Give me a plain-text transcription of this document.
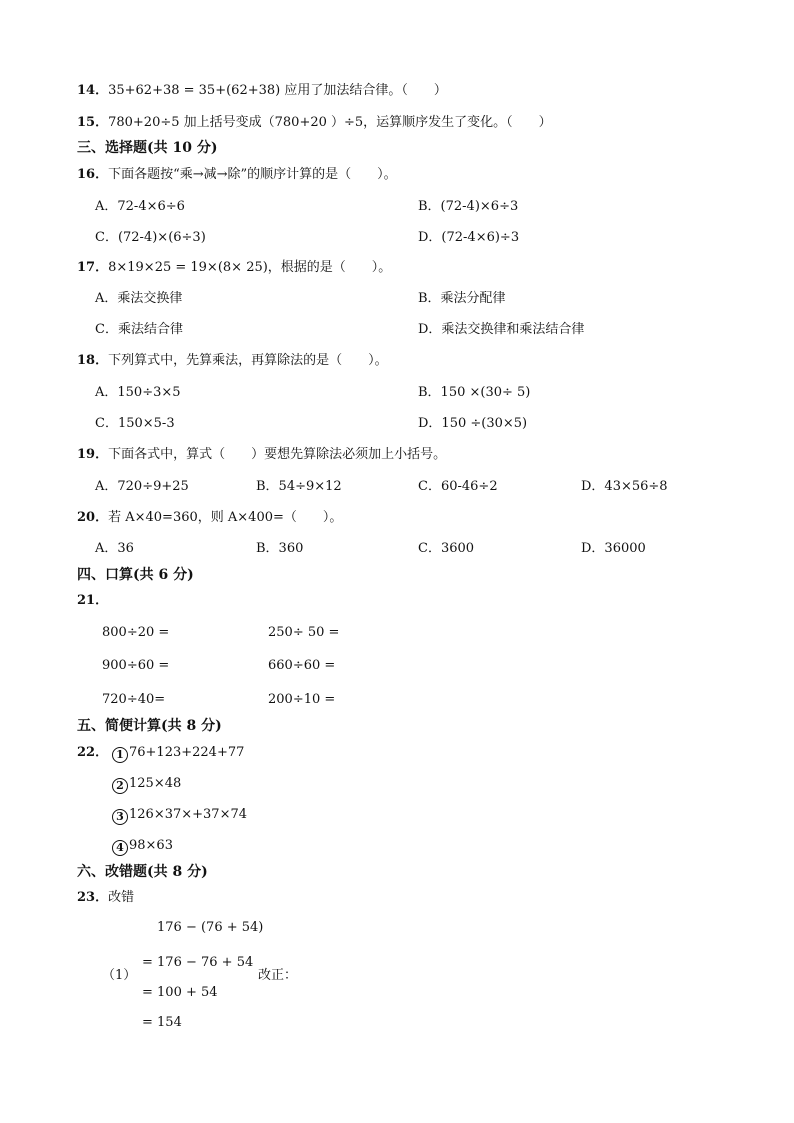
14．35+62+38 = 35+(62+38) 应用了加法结合律。（　　）
15．780+20÷5 加上括号变成（780+20 ）÷5，运算顺序发生了变化。（　　）
三、选择题(共 10 分)
16．下面各题按“乘→减→除”的顺序计算的是（　　）。
A．72-4×6÷6	B．(72-4)×6÷3
C．(72-4)×(6÷3)	D．(72-4×6)÷3
17．8×19×25 = 19×(8× 25)，根据的是（　　）。
A．乘法交换律	B．乘法分配律
C．乘法结合律	D．乘法交换律和乘法结合律
18．下列算式中，先算乘法，再算除法的是（　　）。
A．150÷3×5	B．150 ×(30÷ 5)
C．150×5-3	D．150 ÷(30×5)
19．下面各式中，算式（　　）要想先算除法必须加上小括号。
A．720÷9+25	B．54÷9×12	C．60-46÷2	D．43×56÷8
20．若 A×40=360，则 A×400=（　　）。
A．36	B．360	C．3600	D．36000
四、口算(共 6 分)
21．
800÷20 =	250÷ 50 =
900÷60 =	660÷60 =
720÷40=	200÷10 =
五、简便计算(共 8 分)
22． 1 76+123+224+77
2 125×48
3 126×37×+37×74
4 98×63
六、改错题(共 8 分)
23．改错
176 − (76 + 54)
（1）
= 176 − 76 + 54
= 100 + 54
= 154
改正：
